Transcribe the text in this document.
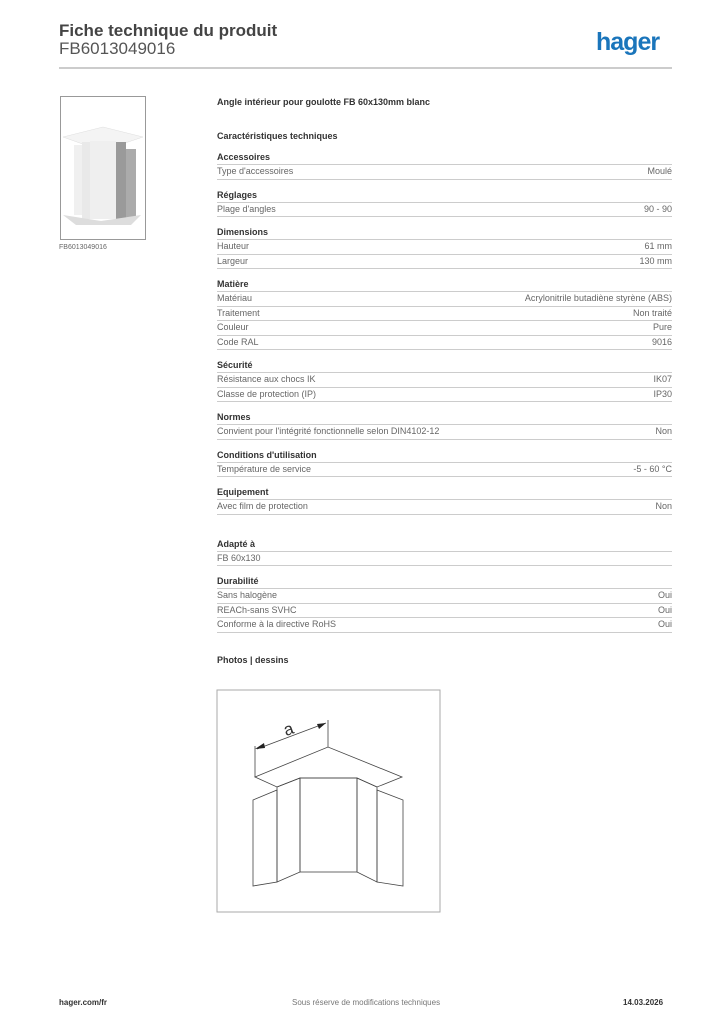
Fiche technique du produit
FB6013049016	hager
FB6013049016
Angle intérieur pour goulotte FB 60x130mm blanc
Caractéristiques techniques
Accessoires
Type d'accessoires	Moulé
Réglages
Plage d'angles	90 - 90
Dimensions
Hauteur	61 mm
Largeur	130 mm
Matière
Matériau	Acrylonitrile butadiène styrène (ABS)
Traitement	Non traité
Couleur	Pure
Code RAL	9016
Sécurité
Résistance aux chocs IK	IK07
Classe de protection (IP)	IP30
Normes
Convient pour l'intégrité fonctionnelle selon DIN4102-12	Non
Conditions d'utilisation
Température de service	-5 - 60 °C
Equipement
Avec film de protection	Non
Adapté à
FB 60x130
Durabilité
Sans halogène	Oui
REACh-sans SVHC	Oui
Conforme à la directive RoHS	Oui
Photos | dessins
a
hager.com/fr	Sous réserve de modifications techniques	14.03.2026
